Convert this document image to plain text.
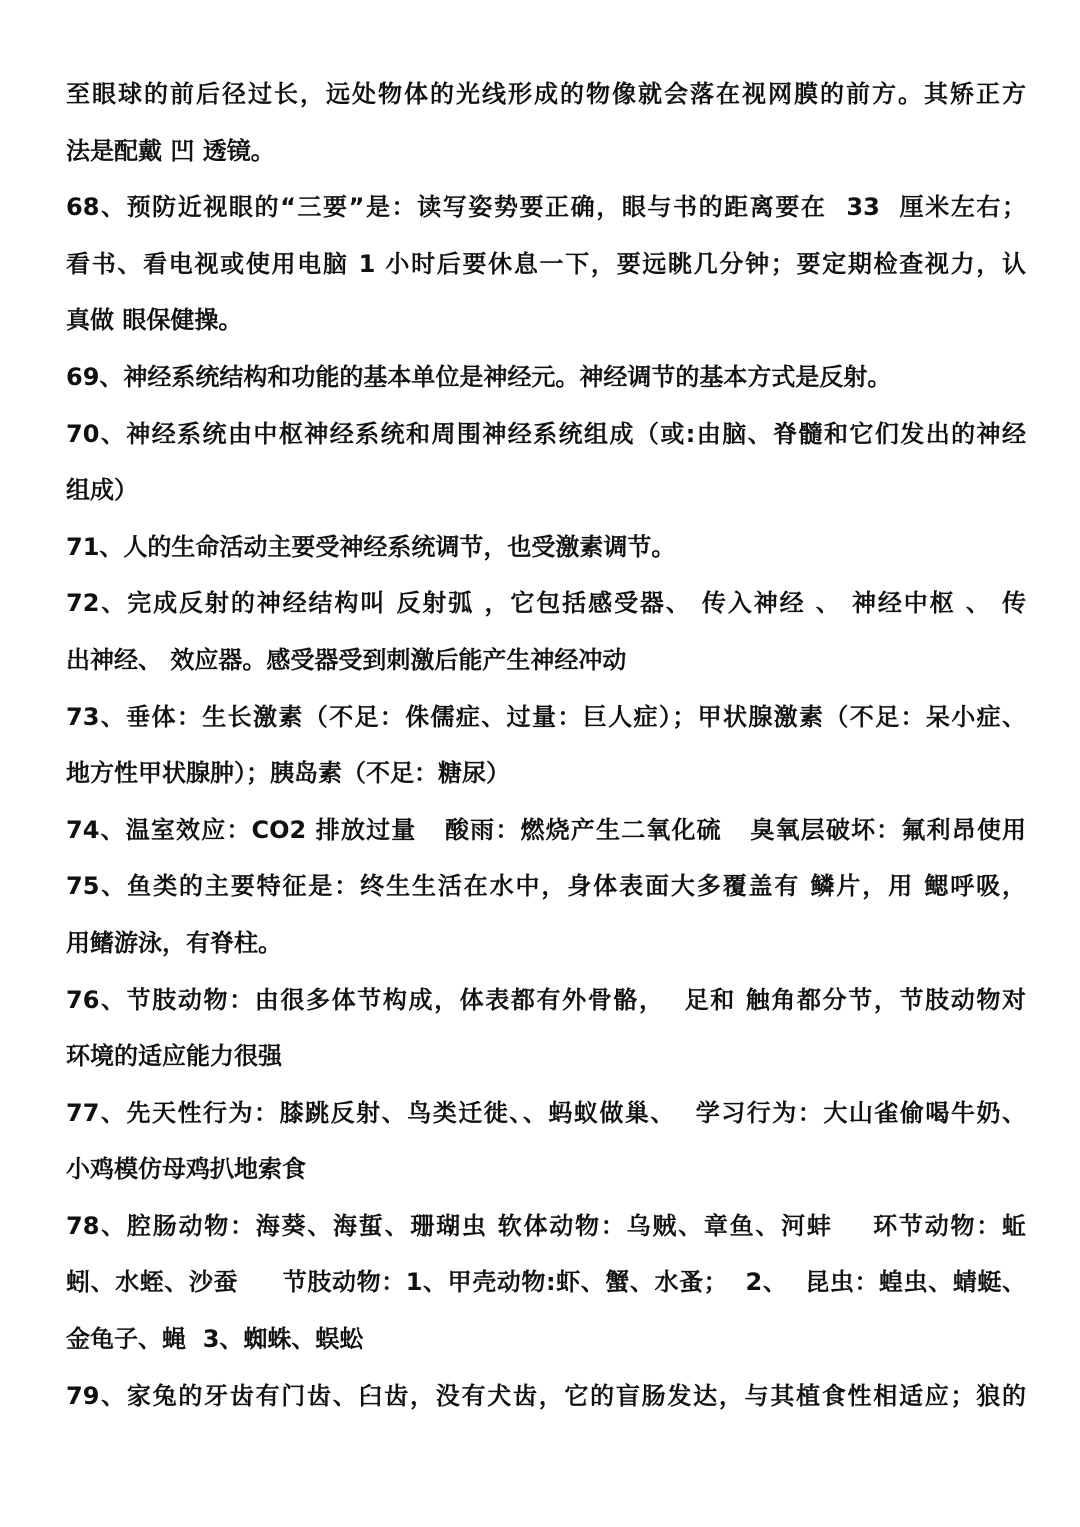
至眼球的前后径过长，远处物体的光线形成的物像就会落在视网膜的前方。其矫正方
法是配戴 凹 透镜。
68、预防近视眼的“三要”是：读写姿势要正确，眼与书的距离要在  33  厘米左右；
看书、看电视或使用电脑 1 小时后要休息一下，要远眺几分钟；要定期检查视力，认
真做 眼保健操。
69、神经系统结构和功能的基本单位是神经元。神经调节的基本方式是反射。
70、神经系统由中枢神经系统和周围神经系统组成（或:由脑、脊髓和它们发出的神经
组成）
71、人的生命活动主要受神经系统调节，也受激素调节。
72、完成反射的神经结构叫 反射弧 ，它包括感受器、 传入神经 、 神经中枢 、 传
出神经、 效应器。感受器受到刺激后能产生神经冲动
73、垂体：生长激素（不足：侏儒症、过量：巨人症）；甲状腺激素（不足：呆小症、
地方性甲状腺肿）；胰岛素（不足：糖尿）
74、温室效应：CO2 排放过量   酸雨：燃烧产生二氧化硫   臭氧层破坏：氟利昂使用
75、鱼类的主要特征是：终生生活在水中，身体表面大多覆盖有 鳞片，用 鳃呼吸，
用鳍游泳，有脊柱。
76、节肢动物：由很多体节构成，体表都有外骨骼，  足和 触角都分节，节肢动物对
环境的适应能力很强
77、先天性行为：膝跳反射、鸟类迁徙、、蚂蚁做巢、  学习行为：大山雀偷喝牛奶、
小鸡模仿母鸡扒地索食
78、腔肠动物：海葵、海蜇、珊瑚虫 软体动物：乌贼、章鱼、河蚌    环节动物：蚯
蚓、水蛭、沙蚕     节肢动物：1、甲壳动物:虾、蟹、水蚤；  2、  昆虫：蝗虫、蜻蜓、
金龟子、蝇  3、蜘蛛、蜈蚣
79、家兔的牙齿有门齿、臼齿，没有犬齿，它的盲肠发达，与其植食性相适应；狼的
